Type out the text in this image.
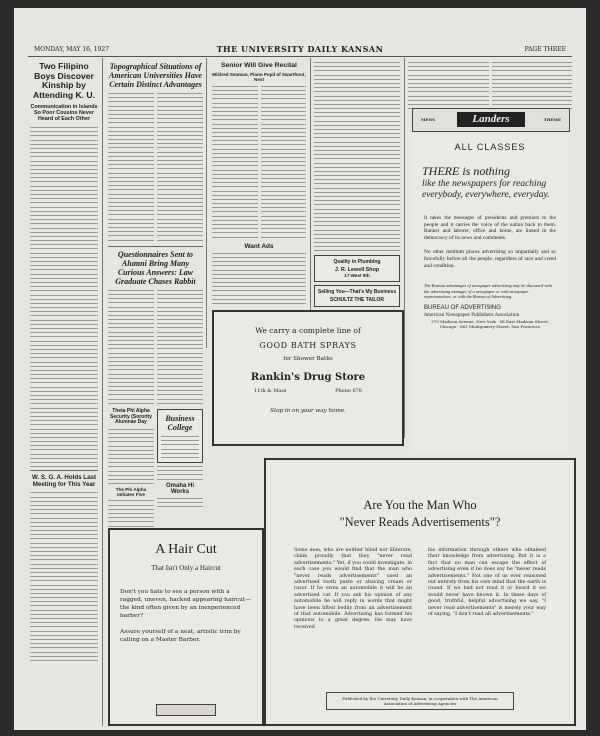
MONDAY, MAY 16, 1927	THE UNIVERSITY DAILY KANSAN	PAGE THREE
Two Filipino Boys Discover Kinship by Attending K. U.
Communication in Islands So Poor Cousins Never Heard of Each Other
W. S. G. A. Holds Last Meeting for This Year
Topographical Situations of American Universities Have Certain Distinct Advantages
Questionnaires Sent to Alumni Bring Many Curious Answers: Law Graduate Chases Rabbit
Theta Phi Alpha Security (Sorority Alumnae Day
The Phi Alpha Initiates Five
Business College
Omaha Hi Works
Senior Will Give Recital
Mildred Seaman, Piano Pupil of Swarthout, Next
Want Ads
Quality in Plumbing
J. R. Lewell Shop
17 West 9th
Selling You—That's My Business
SCHULTZ THE TAILOR
MENS	Landers	THEME
ALL CLASSES
THERE is nothing
like the newspapers for reaching everybody, everywhere, everyday.
It takes the messages of presidents and premiers to the people and it carries the voice of the nation back to them. Banker and laborer, office and home, are linked in the democracy of its news and comments.
No other medium places advertising so impartially and so forcefully before all the people, regardless of race and creed and condition.
The Kansan advantages of newspaper advertising may be discussed with the advertising manager of a newspaper or with newspaper representatives, or with the Bureau of Advertising.
BUREAU OF ADVERTISING
American Newspaper Publishers Association
370 Madison Avenue, New York · 58 East Madison Street, Chicago · 681 Montgomery Street, San Francisco
We carry a complete line of
GOOD BATH SPRAYS
for Shower Baths
Rankin's Drug Store
11th & Mass	Phone 678
Stop in on your way home.
A Hair Cut
That Isn't Only a Haircut
Don't you hate to see a person with a ragged, uneven, hacked appearing haircut—the kind often given by an inexperienced barber?
Assure yourself of a neat, artistic trim by calling on a Master Barber.
Are You the Man Who
"Never Reads Advertisements"?
Some men, who are neither blind nor illiterate, claim proudly that they "never read advertisements." Yet, if you could investigate, in each case you would find that the man who "never reads advertisements" used an advertised tooth paste or shaving cream or razor. If he owns an automobile it will be an advertised car. If you ask his opinion of any automobile he will reply in words that might have been lifted bodily from an advertisement of that automobile. Advertising has formed his opinions to a great degree. He may have received
his information through others who obtained their knowledge from advertising. But it is a fact that no man can escape the effect of advertising even if he does say he "never reads advertisements." Not one of us ever reasoned out entirely from his own mind that the earth is round. If we had not read it or heard it we would never have known it. In these days of good, truthful, helpful advertising we say, "I never read advertisements" is merely your way of saying, "I don't read all advertisements."
Published by the University Daily Kansan, in cooperation with The American Association of Advertising Agencies
